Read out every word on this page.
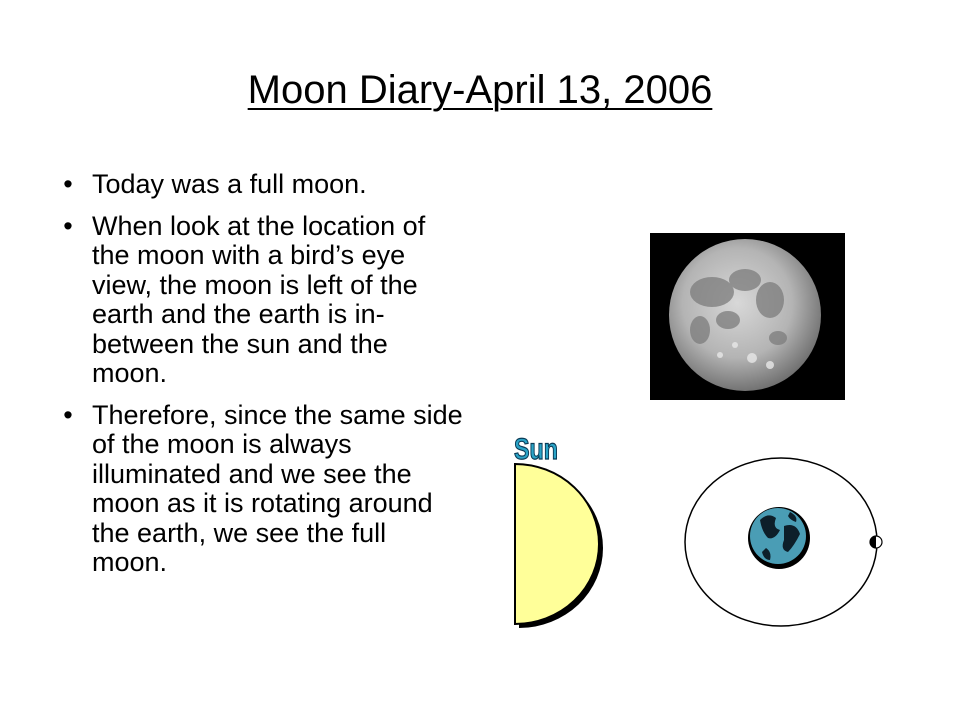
Moon Diary-April 13, 2006
• Today was a full moon.
• When look at the location of the moon with a bird’s eye view, the moon is left of the earth and the earth is in-between the sun and the moon.
• Therefore, since the same side of the moon is always illuminated and we see the moon as it is rotating around the earth, we see the full moon.
Sun
